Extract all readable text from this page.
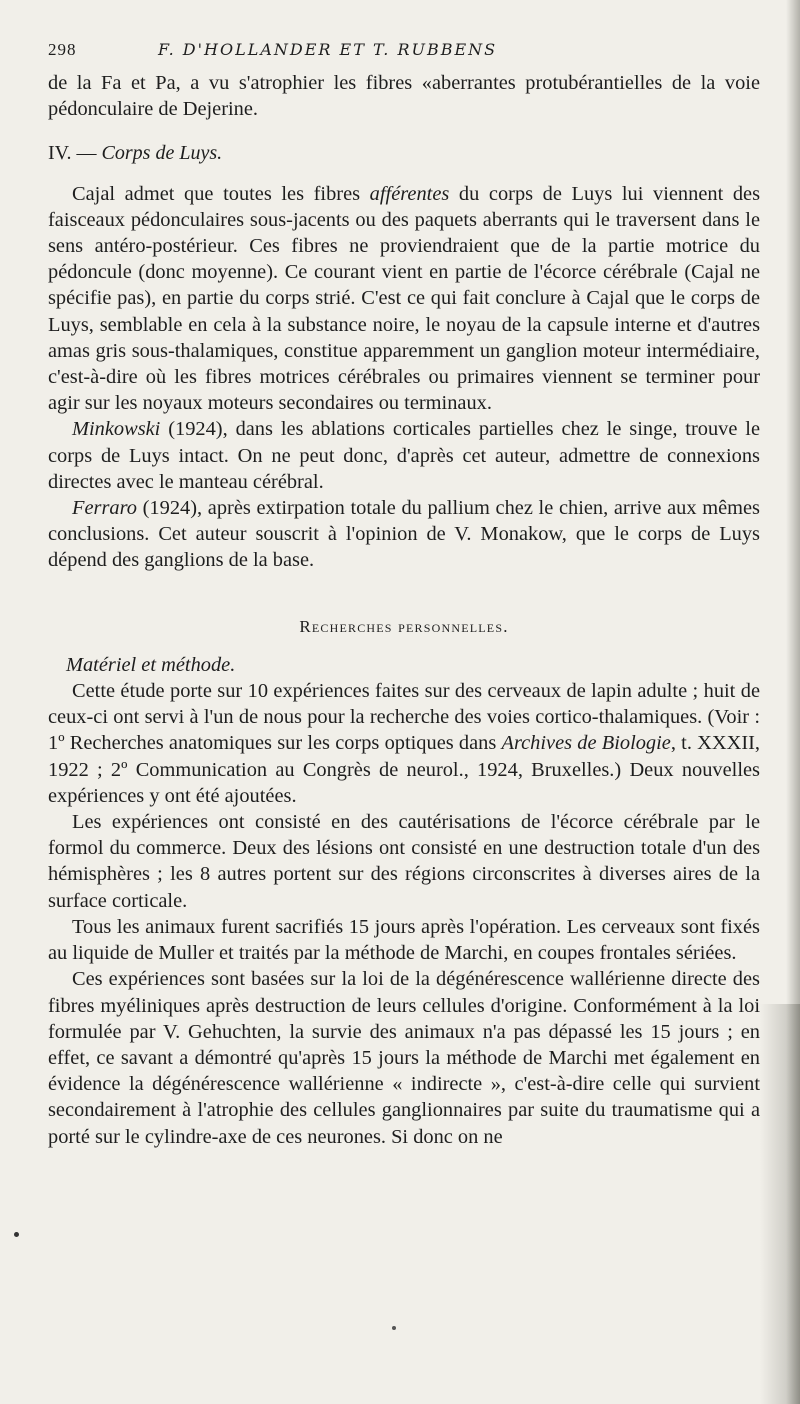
298	F. D'HOLLANDER ET T. RUBBENS

de la Fa et Pa, a vu s'atrophier les fibres «aberrantes protubérantielles de la voie pédonculaire de Dejerine.

IV. — Corps de Luys.

Cajal admet que toutes les fibres afférentes du corps de Luys lui viennent des faisceaux pédonculaires sous-jacents ou des paquets aberrants qui le traversent dans le sens antéro-postérieur. Ces fibres ne proviendraient que de la partie motrice du pédoncule (donc moyenne). Ce courant vient en partie de l'écorce cérébrale (Cajal ne spécifie pas), en partie du corps strié. C'est ce qui fait conclure à Cajal que le corps de Luys, semblable en cela à la substance noire, le noyau de la capsule interne et d'autres amas gris sous-thalamiques, constitue apparemment un ganglion moteur intermédiaire, c'est-à-dire où les fibres motrices cérébrales ou primaires viennent se terminer pour agir sur les noyaux moteurs secondaires ou terminaux.

Minkowski (1924), dans les ablations corticales partielles chez le singe, trouve le corps de Luys intact. On ne peut donc, d'après cet auteur, admettre de connexions directes avec le manteau cérébral.

Ferraro (1924), après extirpation totale du pallium chez le chien, arrive aux mêmes conclusions. Cet auteur souscrit à l'opinion de V. Monakow, que le corps de Luys dépend des ganglions de la base.

Recherches personnelles.
Matériel et méthode.

Cette étude porte sur 10 expériences faites sur des cerveaux de lapin adulte ; huit de ceux-ci ont servi à l'un de nous pour la recherche des voies cortico-thalamiques. (Voir : 1º Recherches anatomiques sur les corps optiques dans Archives de Biologie, t. XXXII, 1922 ; 2º Communication au Congrès de neurol., 1924, Bruxelles.) Deux nouvelles expériences y ont été ajoutées.

Les expériences ont consisté en des cautérisations de l'écorce cérébrale par le formol du commerce. Deux des lésions ont consisté en une destruction totale d'un des hémisphères ; les 8 autres portent sur des régions circonscrites à diverses aires de la surface corticale.

Tous les animaux furent sacrifiés 15 jours après l'opération. Les cerveaux sont fixés au liquide de Muller et traités par la méthode de Marchi, en coupes frontales sériées.

Ces expériences sont basées sur la loi de la dégénérescence wallérienne directe des fibres myéliniques après destruction de leurs cellules d'origine. Conformément à la loi formulée par V. Gehuchten, la survie des animaux n'a pas dépassé les 15 jours ; en effet, ce savant a démontré qu'après 15 jours la méthode de Marchi met également en évidence la dégénérescence wallérienne « indirecte », c'est-à-dire celle qui survient secondairement à l'atrophie des cellules ganglionnaires par suite du traumatisme qui a porté sur le cylindre-axe de ces neurones. Si donc on ne
